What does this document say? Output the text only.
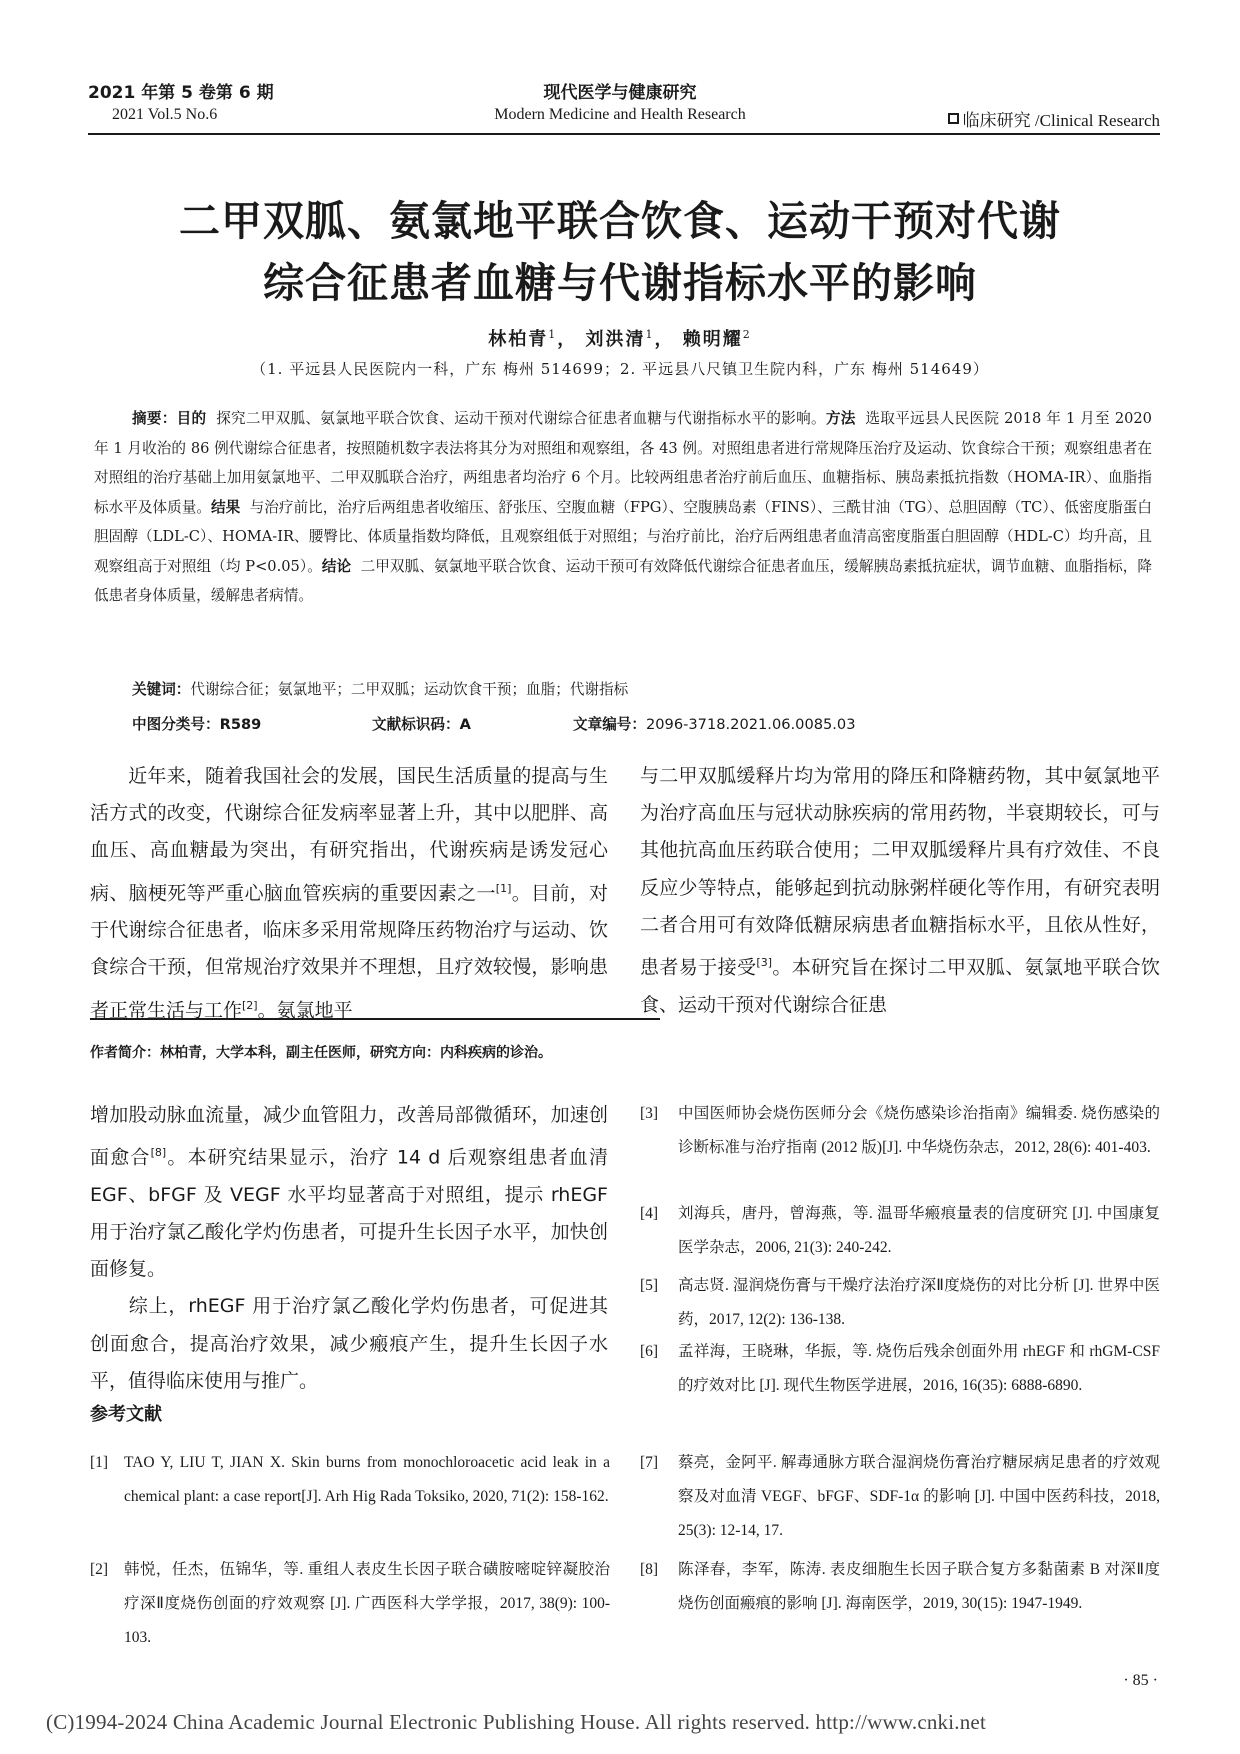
2021 年第 5 卷第 6 期
2021 Vol.5 No.6
现代医学与健康研究
Modern Medicine and Health Research	临床研究 /Clinical Research
二甲双胍、氨氯地平联合饮食、运动干预对代谢
综合征患者血糖与代谢指标水平的影响
林柏青$^1$， 刘洪清$^1$， 赖明耀$^2$
（1. 平远县人民医院内一科，广东 梅州 514699；2. 平远县八尺镇卫生院内科，广东 梅州 514649）
摘要：目的 探究二甲双胍、氨氯地平联合饮食、运动干预对代谢综合征患者血糖与代谢指标水平的影响。方法 选取平远县人民医院 2018 年 1 月至 2020 年 1 月收治的 86 例代谢综合征患者，按照随机数字表法将其分为对照组和观察组，各 43 例。对照组患者进行常规降压治疗及运动、饮食综合干预；观察组患者在对照组的治疗基础上加用氨氯地平、二甲双胍联合治疗，两组患者均治疗 6 个月。比较两组患者治疗前后血压、血糖指标、胰岛素抵抗指数（HOMA-IR）、血脂指标水平及体质量。结果 与治疗前比，治疗后两组患者收缩压、舒张压、空腹血糖（FPG）、空腹胰岛素（FINS）、三酰甘油（TG）、总胆固醇（TC）、低密度脂蛋白胆固醇（LDL-C）、HOMA-IR、腰臀比、体质量指数均降低，且观察组低于对照组；与治疗前比，治疗后两组患者血清高密度脂蛋白胆固醇（HDL-C）均升高，且观察组高于对照组（均 P<0.05）。结论 二甲双胍、氨氯地平联合饮食、运动干预可有效降低代谢综合征患者血压，缓解胰岛素抵抗症状，调节血糖、血脂指标，降低患者身体质量，缓解患者病情。
关键词：代谢综合征；氨氯地平；二甲双胍；运动饮食干预；血脂；代谢指标
中图分类号：R589	文献标识码：A	文章编号：2096-3718.2021.06.0085.03
近年来，随着我国社会的发展，国民生活质量的提高与生活方式的改变，代谢综合征发病率显著上升，其中以肥胖、高血压、高血糖最为突出，有研究指出，代谢疾病是诱发冠心病、脑梗死等严重心脑血管疾病的重要因素之一[1]。目前，对于代谢综合征患者，临床多采用常规降压药物治疗与运动、饮食综合干预，但常规治疗效果并不理想，且疗效较慢，影响患者正常生活与工作[2]。氨氯地平
与二甲双胍缓释片均为常用的降压和降糖药物，其中氨氯地平为治疗高血压与冠状动脉疾病的常用药物，半衰期较长，可与其他抗高血压药联合使用；二甲双胍缓释片具有疗效佳、不良反应少等特点，能够起到抗动脉粥样硬化等作用，有研究表明二者合用可有效降低糖尿病患者血糖指标水平，且依从性好，患者易于接受[3]。本研究旨在探讨二甲双胍、氨氯地平联合饮食、运动干预对代谢综合征患
作者简介：林柏青，大学本科，副主任医师，研究方向：内科疾病的诊治。

增加股动脉血流量，减少血管阻力，改善局部微循环，加速创面愈合[8]。本研究结果显示，治疗 14 d 后观察组患者血清 EGF、bFGF 及 VEGF 水平均显著高于对照组，提示 rhEGF 用于治疗氯乙酸化学灼伤患者，可提升生长因子水平，加快创面修复。

综上，rhEGF 用于治疗氯乙酸化学灼伤患者，可促进其创面愈合，提高治疗效果，减少瘢痕产生，提升生长因子水平，值得临床使用与推广。

参考文献
[1] TAO Y, LIU T, JIAN X. Skin burns from monochloroacetic acid leak in a chemical plant: a case report[J]. Arh Hig Rada Toksiko, 2020, 71(2): 158-162.
[2] 韩悦，任杰，伍锦华，等. 重组人表皮生长因子联合磺胺嘧啶锌凝胶治疗深Ⅱ度烧伤创面的疗效观察 [J]. 广西医科大学学报，2017, 38(9): 100-103.
[3] 中国医师协会烧伤医师分会《烧伤感染诊治指南》编辑委. 烧伤感染的诊断标准与治疗指南 (2012 版)[J]. 中华烧伤杂志，2012, 28(6): 401-403.
[4] 刘海兵，唐丹，曾海燕，等. 温哥华瘢痕量表的信度研究 [J]. 中国康复医学杂志，2006, 21(3): 240-242.
[5] 高志贤. 湿润烧伤膏与干燥疗法治疗深Ⅱ度烧伤的对比分析 [J]. 世界中医药，2017, 12(2): 136-138.
[6] 孟祥海，王晓琳，华振，等. 烧伤后残余创面外用 rhEGF 和 rhGM-CSF 的疗效对比 [J]. 现代生物医学进展，2016, 16(35): 6888-6890.
[7] 蔡亮，金阿平. 解毒通脉方联合湿润烧伤膏治疗糖尿病足患者的疗效观察及对血清 VEGF、bFGF、SDF-1α 的影响 [J]. 中国中医药科技，2018, 25(3): 12-14, 17.
[8] 陈泽春，李军，陈涛. 表皮细胞生长因子联合复方多黏菌素 B 对深Ⅱ度烧伤创面瘢痕的影响 [J]. 海南医学，2019, 30(15): 1947-1949.
· 85 ·
(C)1994-2024 China Academic Journal Electronic Publishing House. All rights reserved. http://www.cnki.net
